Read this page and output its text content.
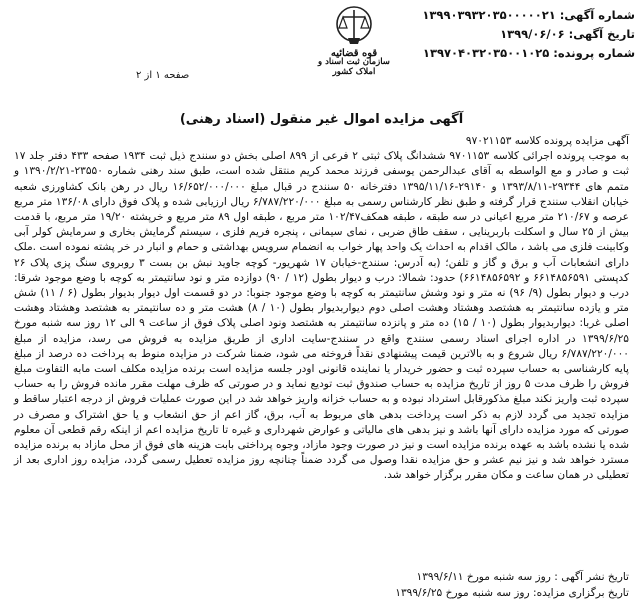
شماره آگهی: ۱۳۹۹۰۳۹۳۲۰۳۵۰۰۰۰۰۲۱
تاریخ آگهی: ۱۳۹۹/۰۶/۰۶
شماره پرونده: ۱۳۹۷۰۴۰۳۲۰۳۵۰۰۱۰۲۵
قوه قضائیه
سازمان ثبت اسناد و املاک کشور
صفحه ۱ از ۲
آگهی مزایده اموال غیر منقول (اسناد رهنی)

آگهی مزایده پرونده کلاسه ۹۷۰۲۱۱۵۳

به موجب پرونده اجرائی کلاسه ۹۷۰۱۱۵۳ ششدانگ پلاک ثبتی ۲ فرعی از ۸۹۹ اصلی بخش دو سنندج ذیل ثبت ۱۹۳۴ صفحه ۴۳۳ دفتر جلد ۱۷ ثبت و صادر و مع الواسطه به آقای عبدالرحمن یوسفی فرزند محمد کریم منتقل شده است، طبق سند رهنی شماره ۲۳۵۵۰-۱۳۹۰/۲/۲۱ و متمم های ۲۹۳۴۴-۱۳۹۳/۸/۱۱ و ۲۹۱۴۰-۱۳۹۵/۱۱/۱۶ دفترخانه ۵۰ سنندج در قبال مبلغ ۱۶/۶۵۲/۰۰۰/۰۰۰ ریال در رهن بانک کشاورزی شعبه خیابان انقلاب سنندج قرار گرفته و طبق نظر کارشناس رسمی به مبلغ ۶/۷۸۷/۲۲۰/۰۰۰ ریال ارزیابی شده و پلاک فوق دارای ۱۳۶/۰۸ متر مربع عرصه و ۲۱۰/۶۷ متر مربع اعیانی در سه طبقه ، طبقه همکف۱۰۲/۴۷ متر مربع ، طبقه اول ۸۹ متر مربع و خرپشته ۱۹/۲۰ متر مربع، با قدمت بیش از ۲۵ سال و اسکلت باربرینایی ، سقف طاق ضربی ، نمای سیمانی ، پنجره فریم فلزی ، سیستم گرمایش بخاری و سرمایش کولر آبی وکابینت فلزی می باشد ، مالک اقدام به احداث یک واحد پهار خواب به انضمام سرویس بهداشتی و حمام و انبار در خر پشته نموده است .ملک دارای انشعابات آب و برق و گاز و تلفن؛ (به آدرس: سنندج-خیابان ۱۷ شهریور- کوچه جاوید نبش بن بست ۳ روبروی سنگ پزی پلاک ۲۶ کدپستی ۶۶۱۴۸۵۶۵۹۱ و ۶۶۱۴۸۵۶۵۹۲) حدود: شمالا: درب و دیوار بطول (۱۲ / ۹۰) دوازده متر و نود سانتیمتر به کوچه با وضع موجود شرقا: درب و دیوار بطول (۹/ ۹۶) نه متر و نود وشش سانتیمتر به کوچه با وضع موجود جنوبا: در دو قسمت اول دیوار بدیوار بطول (۶ / ۱۱) شش متر و یازده سانتیمتر به هشتصد وهشتاد وهشت اصلی دوم دیواربدیوار بطول (۱۰ / ۸) هشت متر و ده سانتیمتر به هشتصد وهشتاد وهشت اصلی غربا: دیواربدیوار بطول (۱۰ / ۱۵) ده متر و پانزده سانتیمتر به هشتصد ونود اصلی پلاک فوق از ساعت ۹ الی ۱۲ روز سه شنبه مورخ ۱۳۹۹/۶/۲۵ در اداره اجرای اسناد رسمی سنندج واقع در سنندج-سایت اداری از طریق مزایده به فروش می رسد، مزایده از مبلغ ۶/۷۸۷/۲۲۰/۰۰۰ ریال شروع و به بالاترین قیمت پیشنهادی نقداً فروخته می شود، ضمنا شرکت در مزایده منوط به پرداخت ده درصد از مبلغ پایه کارشناسی به حساب سپرده ثبت و حضور خریدار یا نماینده قانونی اودر جلسه مزایده است برنده مزایده مکلف است مابه التفاوت مبلغ فروش را ظرف مدت ۵ روز از تاریخ مزایده به حساب صندوق ثبت تودیع نماید و در صورتی که ظرف مهلت مقرر مانده فروش را به حساب سپرده ثبت واریز نکند مبلغ مذکورقابل استرداد نبوده و به حساب خزانه واریز خواهد شد در این صورت عملیات فروش از درجه اعتبار ساقط و مزایده تجدید می گردد لازم به ذکر است پرداخت بدهی های مربوط به آب، برق، گاز اعم از حق انشعاب و یا حق اشتراک و مصرف در صورتی که مورد مزایده دارای آنها باشد و نیز بدهی های مالیاتی و عوارض شهرداری و غیره تا تاریخ مزایده اعم از اینکه رقم قطعی آن معلوم شده یا نشده باشد به عهده برنده مزایده است و نیز در صورت وجود مازاد، وجوه پرداختی بابت هزینه های فوق از محل مازاد به برنده مزایده مسترد خواهد شد و نیز نیم عشر و حق مزایده نقدا وصول می گردد ضمناً چنانچه روز مزایده تعطیل رسمی گردد، مزایده روز اداری بعد از تعطیلی در همان ساعت و مکان مقرر برگزار خواهد شد.

تاریخ نشر آگهی : روز سه شنبه مورخ ۱۳۹۹/۶/۱۱
تاریخ برگزاری مزایده: روز سه شنبه مورخ ۱۳۹۹/۶/۲۵
